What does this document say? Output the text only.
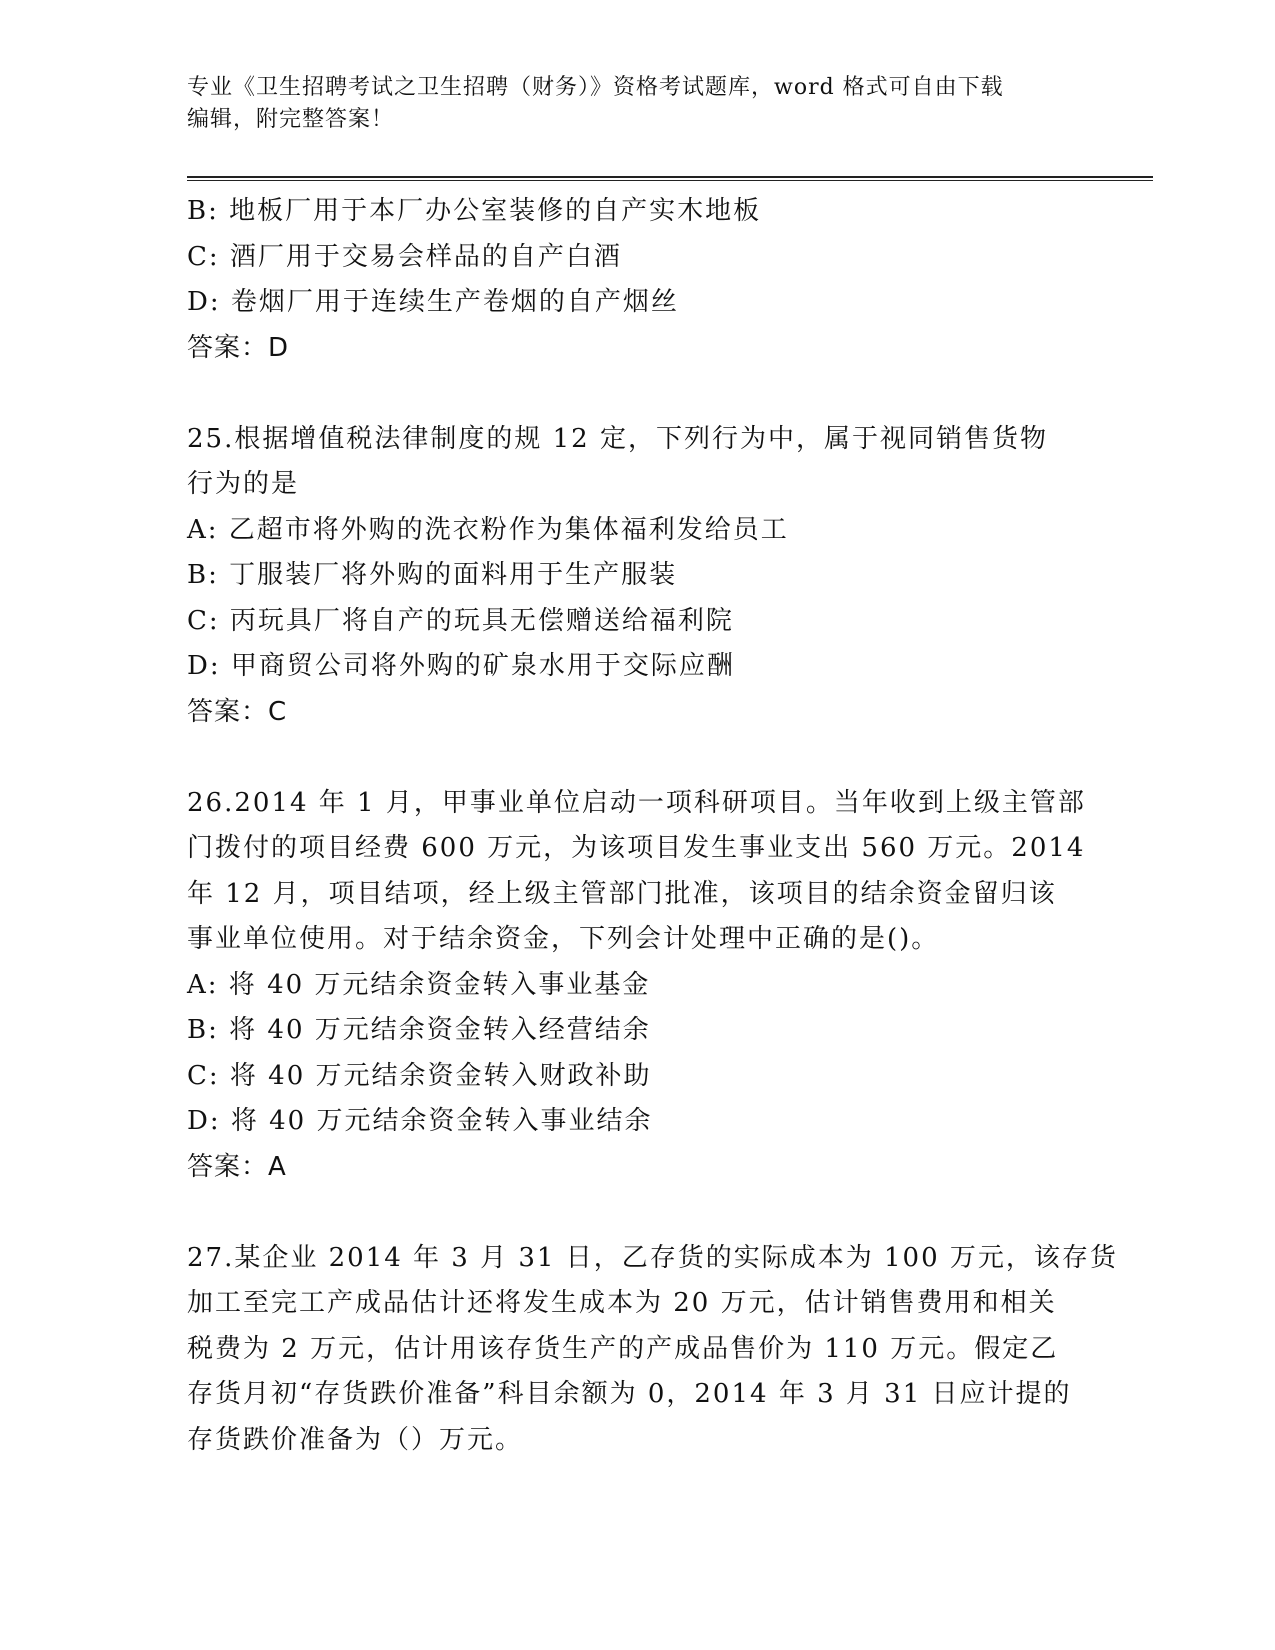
专业《卫生招聘考试之卫生招聘（财务）》资格考试题库，word 格式可自由下载
编辑，附完整答案！
B: 地板厂用于本厂办公室装修的自产实木地板
C: 酒厂用于交易会样品的自产白酒
D: 卷烟厂用于连续生产卷烟的自产烟丝
答案：D
25.根据增值税法律制度的规 12 定，下列行为中，属于视同销售货物
行为的是
A: 乙超市将外购的洗衣粉作为集体福利发给员工
B: 丁服装厂将外购的面料用于生产服装
C: 丙玩具厂将自产的玩具无偿赠送给福利院
D: 甲商贸公司将外购的矿泉水用于交际应酬
答案：C
26.2014 年 1 月，甲事业单位启动一项科研项目。当年收到上级主管部
门拨付的项目经费 600 万元，为该项目发生事业支出 560 万元。2014
年 12 月，项目结项，经上级主管部门批准，该项目的结余资金留归该
事业单位使用。对于结余资金，下列会计处理中正确的是()。
A: 将 40 万元结余资金转入事业基金
B: 将 40 万元结余资金转入经营结余
C: 将 40 万元结余资金转入财政补助
D: 将 40 万元结余资金转入事业结余
答案：A
27.某企业 2014 年 3 月 31 日，乙存货的实际成本为 100 万元，该存货
加工至完工产成品估计还将发生成本为 20 万元，估计销售费用和相关
税费为 2 万元，估计用该存货生产的产成品售价为 110 万元。假定乙
存货月初“存货跌价准备”科目余额为 0，2014 年 3 月 31 日应计提的
存货跌价准备为（）万元。
